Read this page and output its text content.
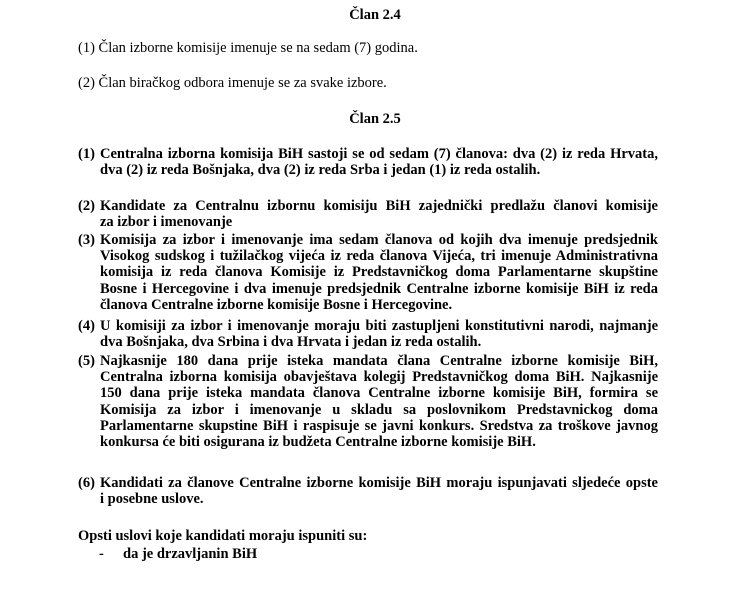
Član 2.4
(1) Član izborne komisije imenuje se na sedam (7) godina.
(2) Član biračkog odbora imenuje se za svake izbore.
Član 2.5
(1) Centralna izborna komisija BiH sastoji se od sedam (7) članova: dva (2) iz reda Hrvata,
dva (2) iz reda Bošnjaka, dva (2) iz reda Srba i jedan (1) iz reda ostalih.
(2) Kandidate za Centralnu izbornu komisiju BiH zajednički predlažu članovi komisije
za izbor i imenovanje
(3) Komisija za izbor i imenovanje ima sedam članova od kojih dva imenuje predsjednik
Visokog sudskog i tužilačkog vijeća iz reda članova Vijeća, tri imenuje Administrativna
komisija iz reda članova Komisije iz Predstavničkog doma Parlamentarne skupštine
Bosne i Hercegovine i dva imenuje predsjednik Centralne izborne komisije BiH iz reda
članova Centralne izborne komisije Bosne i Hercegovine.
(4) U komisiji za izbor i imenovanje moraju biti zastupljeni konstitutivni narodi, najmanje
dva Bošnjaka, dva Srbina i dva Hrvata i jedan iz reda ostalih.
(5) Najkasnije 180 dana prije isteka mandata člana Centralne izborne komisije BiH,
Centralna izborna komisija obavještava kolegij Predstavničkog doma BiH. Najkasnije
150 dana prije isteka mandata članova Centralne izborne komisije BiH, formira se
Komisija za izbor i imenovanje u skladu sa poslovnikom Predstavnickog doma
Parlamentarne skupstine BiH i raspisuje se javni konkurs. Sredstva za troškove javnog
konkursa će biti osigurana iz budžeta Centralne izborne komisije BiH.
(6) Kandidati za članove Centralne izborne komisije BiH moraju ispunjavati sljedeće opste
i posebne uslove.
Opsti uslovi koje kandidati moraju ispuniti su:
- da je drzavljanin BiH
